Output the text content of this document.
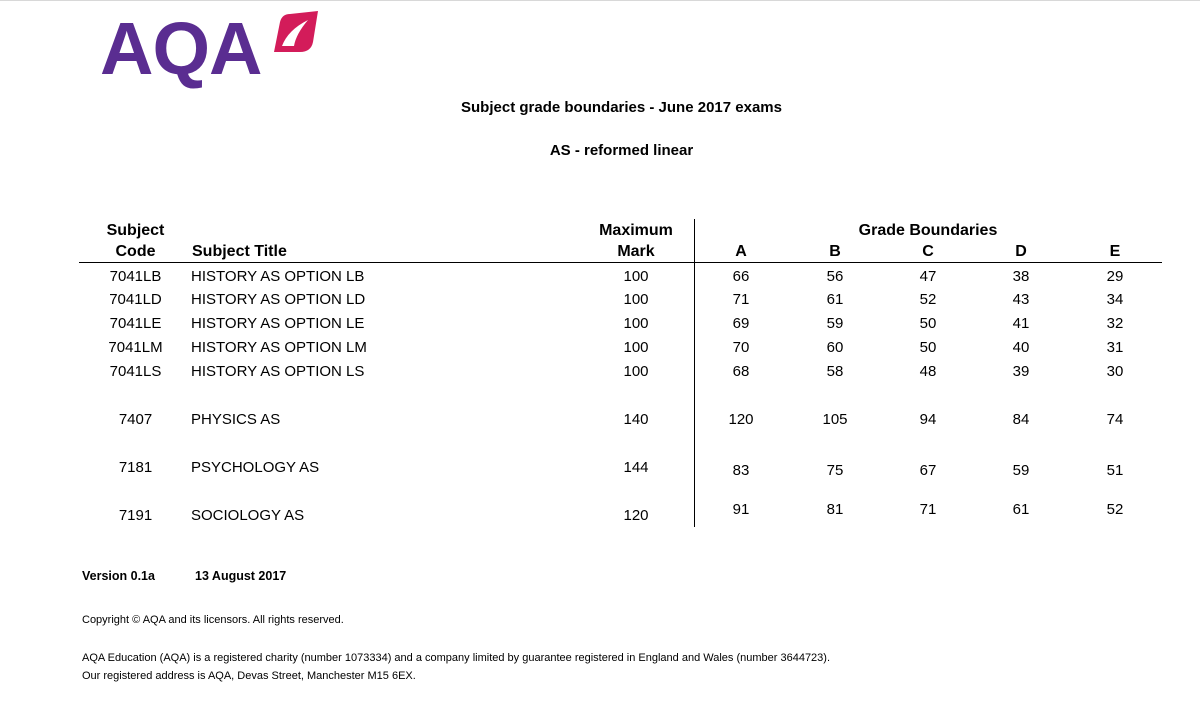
AQA
Subject grade boundaries - June 2017 exams
AS - reformed linear
Subject
Code	Subject Title
Maximum
Mark
Grade Boundaries
A	B	C	D	E
7041LB	HISTORY AS OPTION LB	100	66	56	47	38	29
7041LD	HISTORY AS OPTION LD	100	71	61	52	43	34
7041LE	HISTORY AS OPTION LE	100	69	59	50	41	32
7041LM	HISTORY AS OPTION LM	100	70	60	50	40	31
7041LS	HISTORY AS OPTION LS	100	68	58	48	39	30
7407	PHYSICS AS	140	120	105	94	84	74
7181	PSYCHOLOGY AS	144	83	75	67	59	51
7191	SOCIOLOGY AS	120	91	81	71	61	52
Version 0.1a	13 August 2017
Copyright © AQA and its licensors. All rights reserved.
AQA Education (AQA) is a registered charity (number 1073334) and a company limited by guarantee registered in England and Wales (number 3644723).
Our registered address is AQA, Devas Street, Manchester M15 6EX.
